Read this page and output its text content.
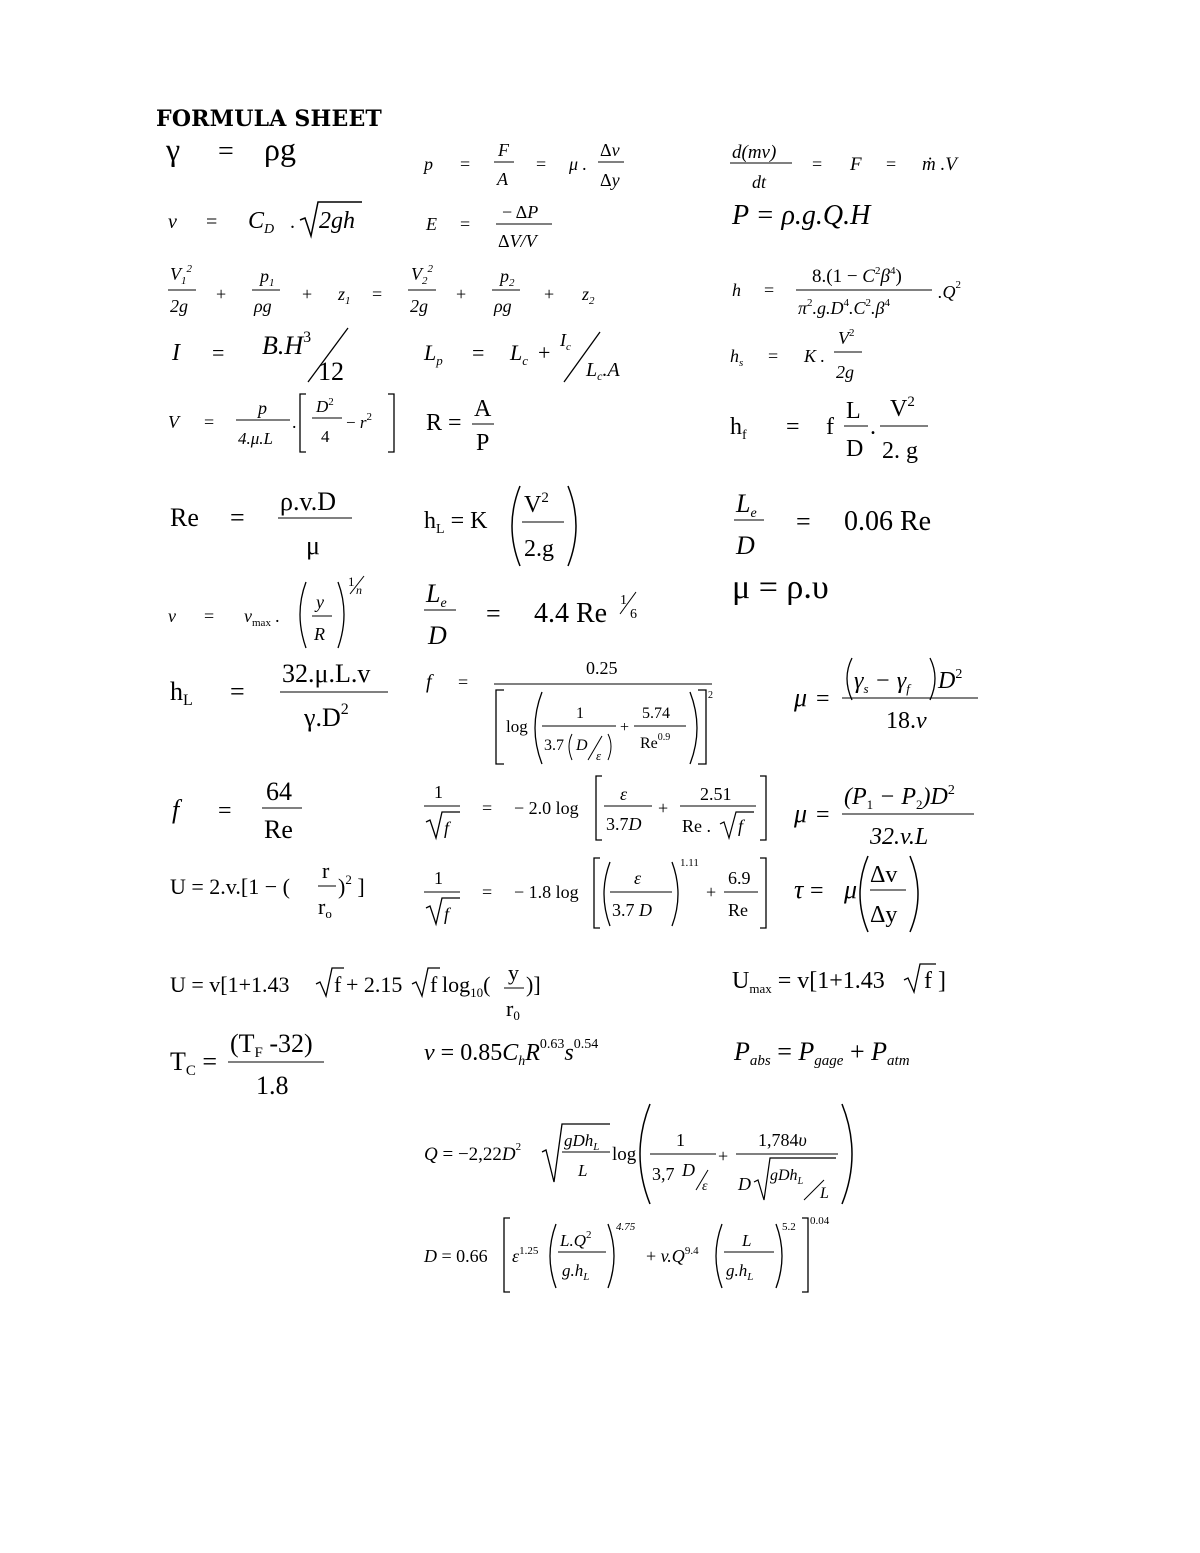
FORMULA SHEET
γ = ρg	p =
F
A
= μ .
Δv
Δy
d(mv)
dt
= F = ṁ .V
$v = C_D$ . 2gh	E =
− ΔP
ΔV/V
P = ρ.g.Q.H
$V_1^2$	$p_1$	$V_2^2$	$p_2$
2g	ρg	2g	ρg
$z_1$	$z_2$
+	+	=	+	+	h =
$8.(1 - C^2\beta^4)$
$\pi^2.g.D^4.C^2.\beta^4$
$.Q^2$
$I = B.H^3$
12
$L_p = L_c + I_c$
$L_c.A$
$h_s = K$ .
$V^2$
2g
V =
p
4.μ.L
.
$D^2$
4
− $r^2$ R =
A
P
$h_f = f$
L
D
.
$V^2$
2. g
Re =
ρ.v.D
μ
$h_L = K$
$V^2$
2.g
Le
D
= 0.06 Re
$v = v_{max}$ .
y
R
1
n Le
D
= 4.4 Re 1
6
μ = ρ.υ
hL =
32.μ.L.v
$\gamma.D^2$
f =
0.25
log
1
3.7 D
ε
+
5.74
$Re^{0.9}$
2	μ =
$\gamma_s - \gamma_f$ $D^2$
18.v
f =
64
Re
1
f
= − 2.0 log
ε
3.7D
+
2.51
Re . f μ =
$(P_1 - P_2)D^2$
32.v.L
U = 2.v.[1 − (
r
ro
)$^2$ ]	1
f
= − 1.8 log
ε
3.7 D
1.11
+
6.9
Re
τ = μ Δv
Δy
U = v[1+1.43 f + 2.15 f $\log_{10}$( y
r0
)]	$U_{max} = v[1+1.43$ f ]
TC =
(TF -32)
1.8
$v = 0.85C_hR^{0.63}s^{0.54}$	Pabs = Pgage + Patm
$Q = -2,22D^2$	gDh$_L$
L
log
1
3,7 D
ε
+
1,784υ
D gDh$_L$
L
D = 0.66 $\varepsilon^{1.25}$
$L.Q^2$
$g.h_L$
4.75
+ $v.Q^{9.4}$
L
$g.h_L$
5.2 0.04
